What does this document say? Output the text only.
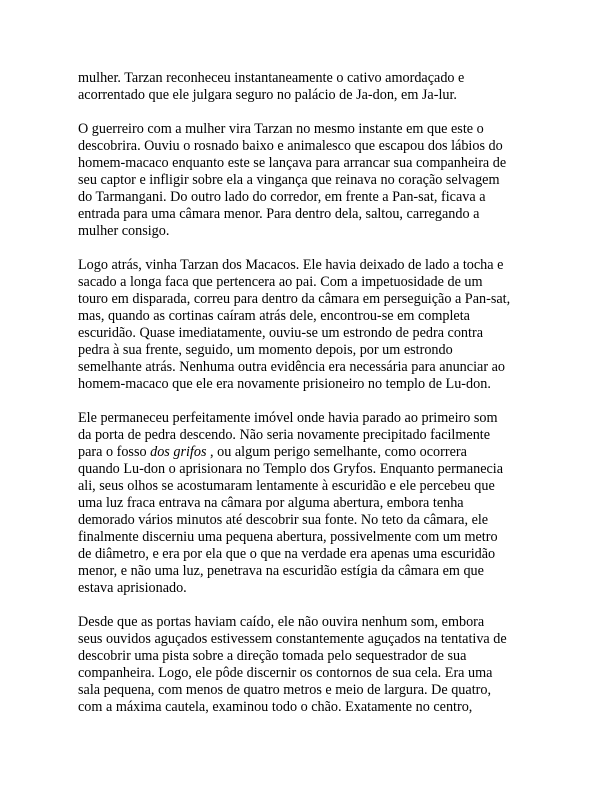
mulher. Tarzan reconheceu instantaneamente o cativo amordaçado e
acorrentado que ele julgara seguro no palácio de Ja-don, em Ja-lur.

O guerreiro com a mulher vira Tarzan no mesmo instante em que este o
descobrira. Ouviu o rosnado baixo e animalesco que escapou dos lábios do
homem-macaco enquanto este se lançava para arrancar sua companheira de
seu captor e infligir sobre ela a vingança que reinava no coração selvagem
do Tarmangani. Do outro lado do corredor, em frente a Pan-sat, ficava a
entrada para uma câmara menor. Para dentro dela, saltou, carregando a
mulher consigo.

Logo atrás, vinha Tarzan dos Macacos. Ele havia deixado de lado a tocha e
sacado a longa faca que pertencera ao pai. Com a impetuosidade de um
touro em disparada, correu para dentro da câmara em perseguição a Pan-sat,
mas, quando as cortinas caíram atrás dele, encontrou-se em completa
escuridão. Quase imediatamente, ouviu-se um estrondo de pedra contra
pedra à sua frente, seguido, um momento depois, por um estrondo
semelhante atrás. Nenhuma outra evidência era necessária para anunciar ao
homem-macaco que ele era novamente prisioneiro no templo de Lu-don.

Ele permaneceu perfeitamente imóvel onde havia parado ao primeiro som
da porta de pedra descendo. Não seria novamente precipitado facilmente
para o fosso dos grifos , ou algum perigo semelhante, como ocorrera
quando Lu-don o aprisionara no Templo dos Gryfos. Enquanto permanecia
ali, seus olhos se acostumaram lentamente à escuridão e ele percebeu que
uma luz fraca entrava na câmara por alguma abertura, embora tenha
demorado vários minutos até descobrir sua fonte. No teto da câmara, ele
finalmente discerniu uma pequena abertura, possivelmente com um metro
de diâmetro, e era por ela que o que na verdade era apenas uma escuridão
menor, e não uma luz, penetrava na escuridão estígia da câmara em que
estava aprisionado.

Desde que as portas haviam caído, ele não ouvira nenhum som, embora
seus ouvidos aguçados estivessem constantemente aguçados na tentativa de
descobrir uma pista sobre a direção tomada pelo sequestrador de sua
companheira. Logo, ele pôde discernir os contornos de sua cela. Era uma
sala pequena, com menos de quatro metros e meio de largura. De quatro,
com a máxima cautela, examinou todo o chão. Exatamente no centro,
